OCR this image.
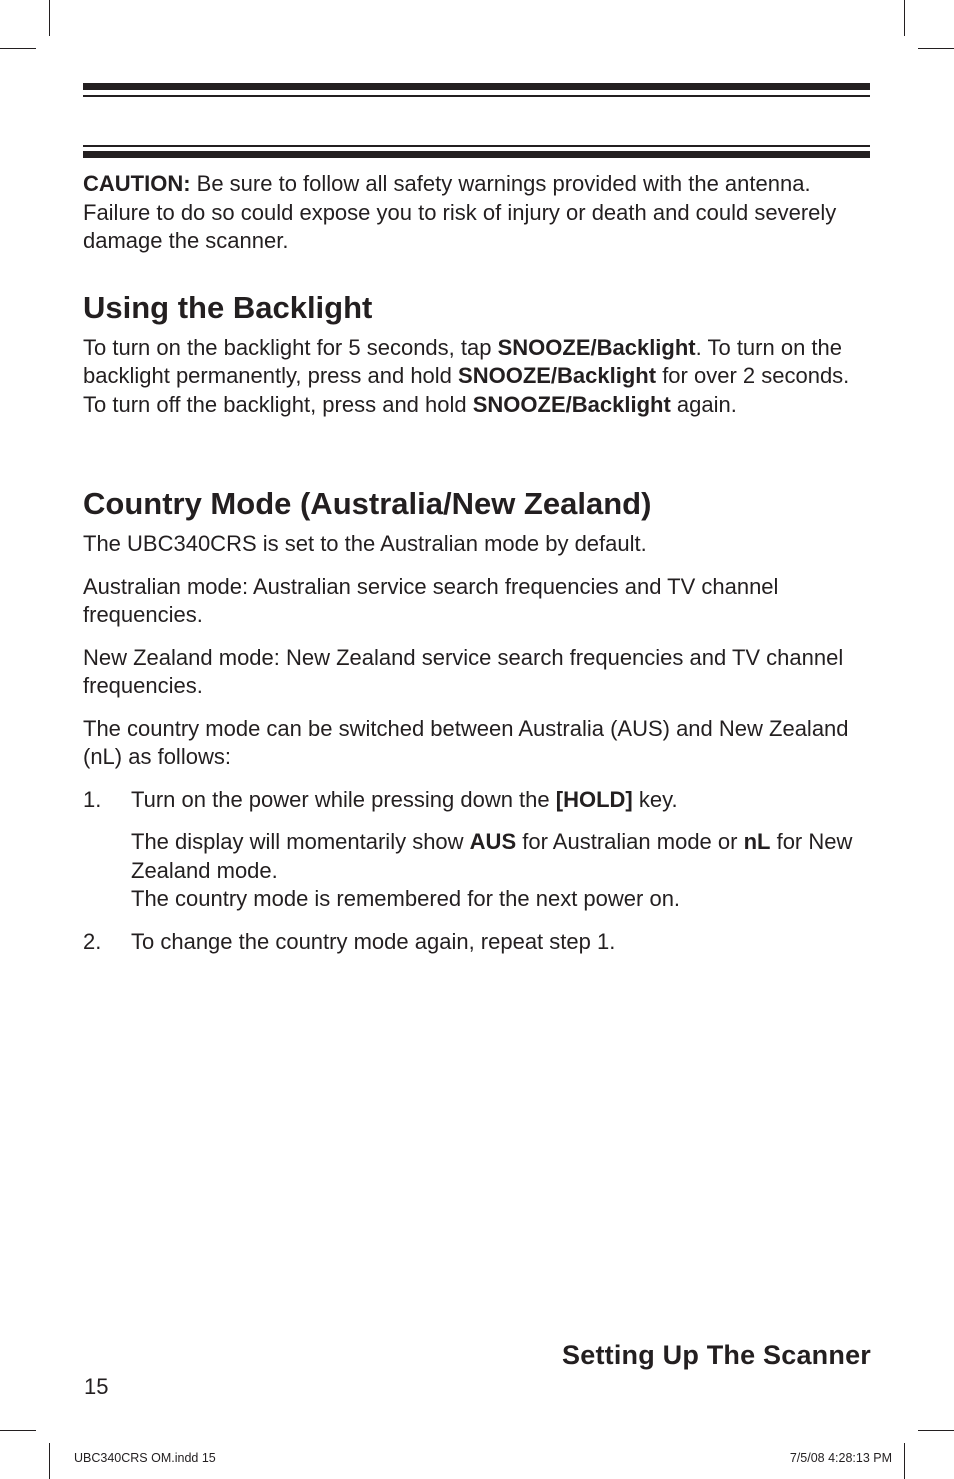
CAUTION: Be sure to follow all safety warnings provided with the antenna. Failure to do so could expose you to risk of injury or death and could severely damage the scanner.

Using the Backlight

To turn on the backlight for 5 seconds, tap SNOOZE/Backlight. To turn on the backlight permanently, press and hold SNOOZE/Backlight for over 2 seconds. To turn off the backlight, press and hold SNOOZE/Backlight again.

Country Mode (Australia/New Zealand)

The UBC340CRS is set to the Australian mode by default.

Australian mode: Australian service search frequencies and TV channel frequencies.

New Zealand mode: New Zealand service search frequencies and TV channel frequencies.

The country mode can be switched between Australia (AUS) and New Zealand (nL) as follows:

1. Turn on the power while pressing down the [HOLD] key.
The display will momentarily show AUS for Australian mode or nL for New Zealand mode.
The country mode is remembered for the next power on.
2. To change the country mode again, repeat step 1.
Setting Up The Scanner
15
UBC340CRS OM.indd 15	7/5/08 4:28:13 PM
